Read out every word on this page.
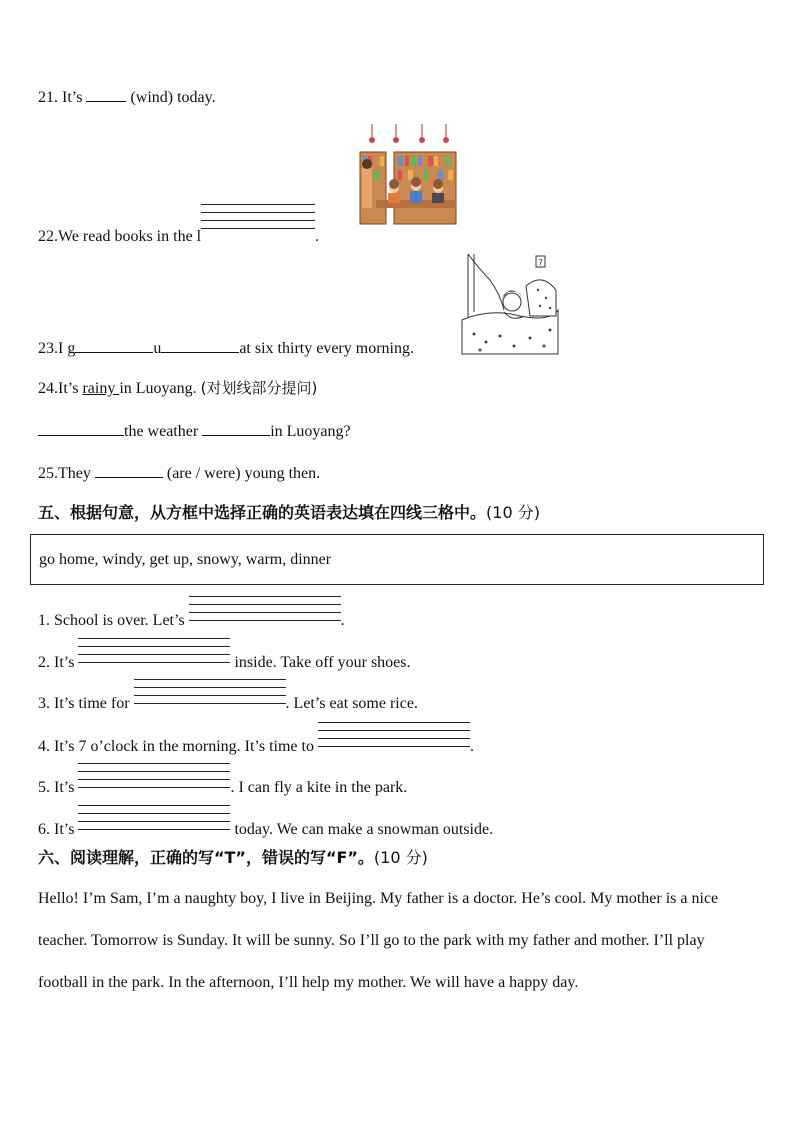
21. It’s	(wind) today.
22.We read books in the l	.
7
23.I g	u	at six thirty every morning.
24.It’s rainy in Luoyang. (对划线部分提问)
the weather	in Luoyang?
25.They	(are / were) young then.
五、根据句意，从方框中选择正确的英语表达填在四线三格中。(10 分)
go home, windy, get up, snowy, warm, dinner
1. School is over. Let’s	.
2. It’s	inside. Take off your shoes.
3. It’s time for	. Let’s eat some rice.
4. It’s 7 o’clock in the morning. It’s time to	.
5. It’s	. I can fly a kite in the park.
6. It’s	today. We can make a snowman outside.
六、阅读理解，正确的写“T”，错误的写“F”。(10 分)
Hello! I’m Sam, I’m a naughty boy, I live in Beijing. My father is a doctor. He’s cool. My mother is a nice teacher. Tomorrow is Sunday. It will be sunny. So I’ll go to the park with my father and mother. I’ll play football in the park. In the afternoon, I’ll help my mother. We will have a happy day.
